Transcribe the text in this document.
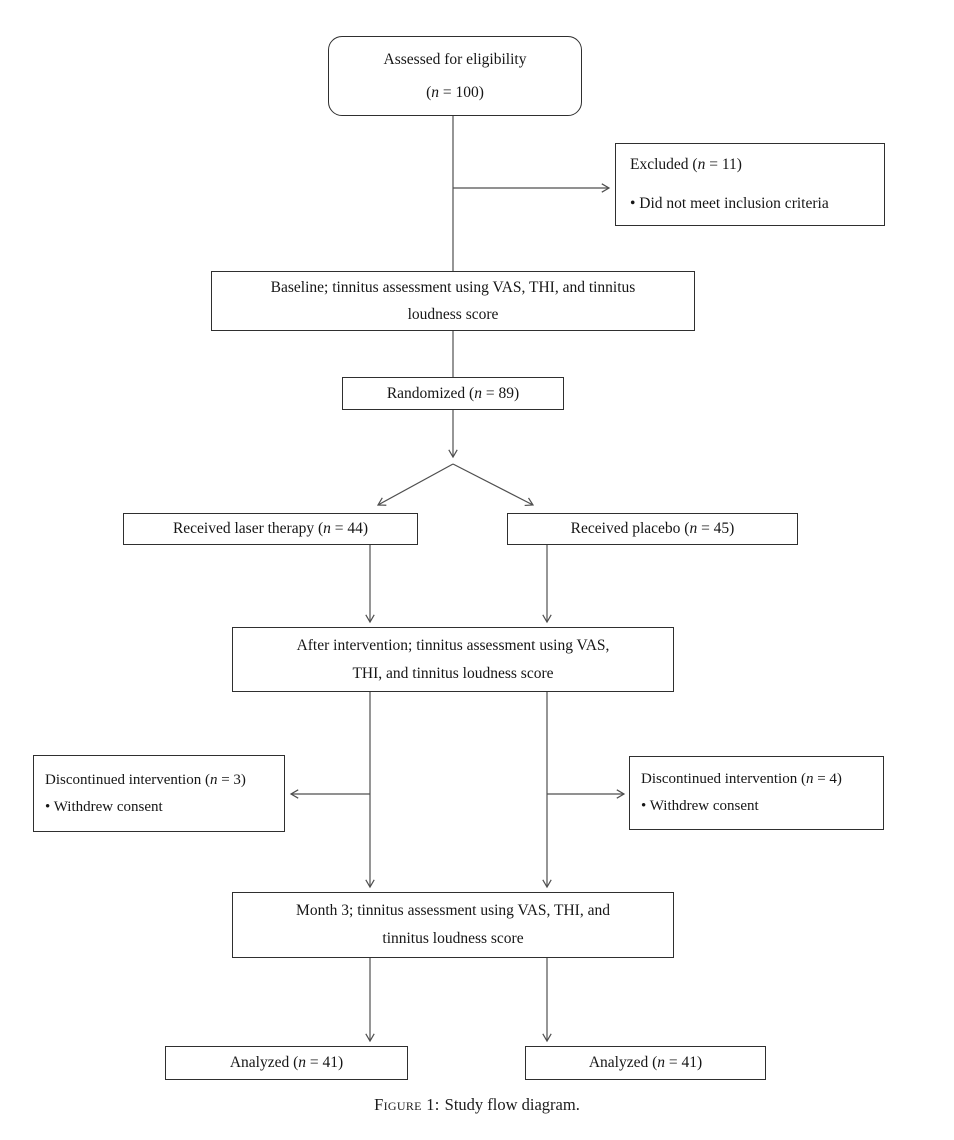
Assessed for eligibility
(n = 100)
Excluded (n = 11)
• Did not meet inclusion criteria
Baseline; tinnitus assessment using VAS, THI, and tinnitus
loudness score
Randomized (n = 89)
Received laser therapy (n = 44)	Received placebo (n = 45)
After intervention; tinnitus assessment using VAS,
THI, and tinnitus loudness score
Discontinued intervention (n = 3)
• Withdrew consent
Discontinued intervention (n = 4)
• Withdrew consent
Month 3; tinnitus assessment using VAS, THI, and
tinnitus loudness score
Analyzed (n = 41)	Analyzed (n = 41)
Figure 1: Study flow diagram.
